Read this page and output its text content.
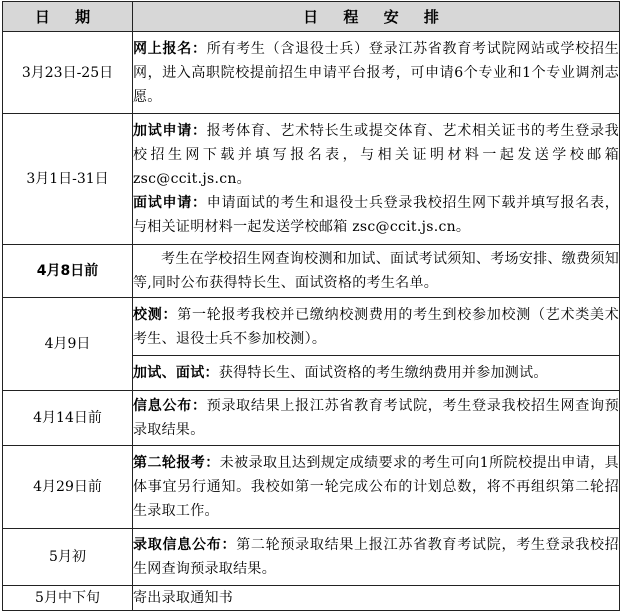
日 期	日 程 安 排
3月23日-25日	网上报名：所有考生（含退役士兵）登录江苏省教育考试院网站或学校招生网，进入高职院校提前招生申请平台报考，可申请6个专业和1个专业调剂志愿。

3月1日-31日	加试申请：报考体育、艺术特长生或提交体育、艺术相关证书的考生登录我校招生网下载并填写报名表，与相关证明材料一起发送学校邮箱 zsc@ccit.js.cn。

面试申请：申请面试的考生和退役士兵登录我校招生网下载并填写报名表，与相关证明材料一起发送学校邮箱 zsc@ccit.js.cn。

4月8日前	考生在学校招生网查询校测和加试、面试考试须知、考场安排、缴费须知等,同时公布获得特长生、面试资格的考生名单。

4月9日	校测：第一轮报考我校并已缴纳校测费用的考生到校参加校测（艺术类美术考生、退役士兵不参加校测）。

	加试、面试：获得特长生、面试资格的考生缴纳费用并参加测试。

4月14日前	信息公布：预录取结果上报江苏省教育考试院，考生登录我校招生网查询预录取结果。

4月29日前	第二轮报考：未被录取且达到规定成绩要求的考生可向1所院校提出申请，具体事宜另行通知。我校如第一轮完成公布的计划总数，将不再组织第二轮招生录取工作。

5月初	录取信息公布：第二轮预录取结果上报江苏省教育考试院，考生登录我校招生网查询预录取结果。

5月中下旬	寄出录取通知书
